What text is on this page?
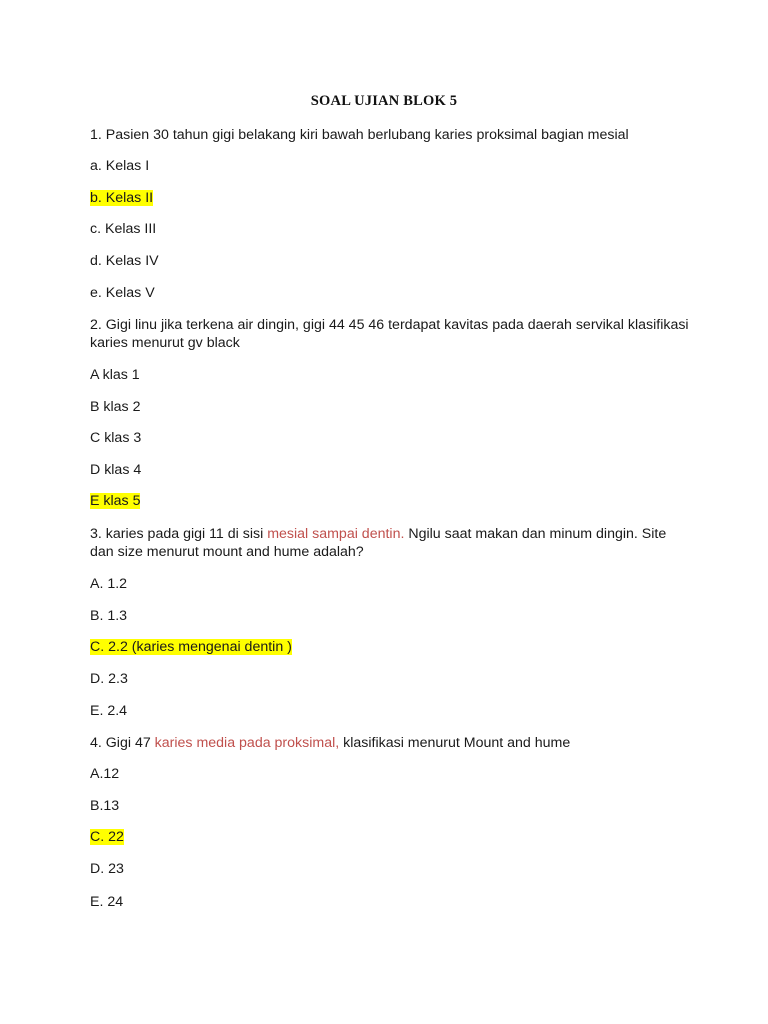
SOAL UJIAN BLOK 5
1. Pasien 30 tahun gigi belakang kiri bawah berlubang karies proksimal bagian mesial
a. Kelas I
b. Kelas II
c. Kelas III
d. Kelas IV
e. Kelas V
2. Gigi linu jika terkena air dingin, gigi 44 45 46 terdapat kavitas pada daerah servikal klasifikasi
karies menurut gv black
A klas 1
B klas 2
C klas 3
D klas 4
E klas 5
3. karies pada gigi 11 di sisi mesial sampai dentin. Ngilu saat makan dan minum dingin. Site
dan size menurut mount and hume adalah?
A. 1.2
B. 1.3
C. 2.2 (karies mengenai dentin )
D. 2.3
E. 2.4
4. Gigi 47 karies media pada proksimal, klasifikasi menurut Mount and hume
A.12
B.13
C. 22
D. 23
E. 24
